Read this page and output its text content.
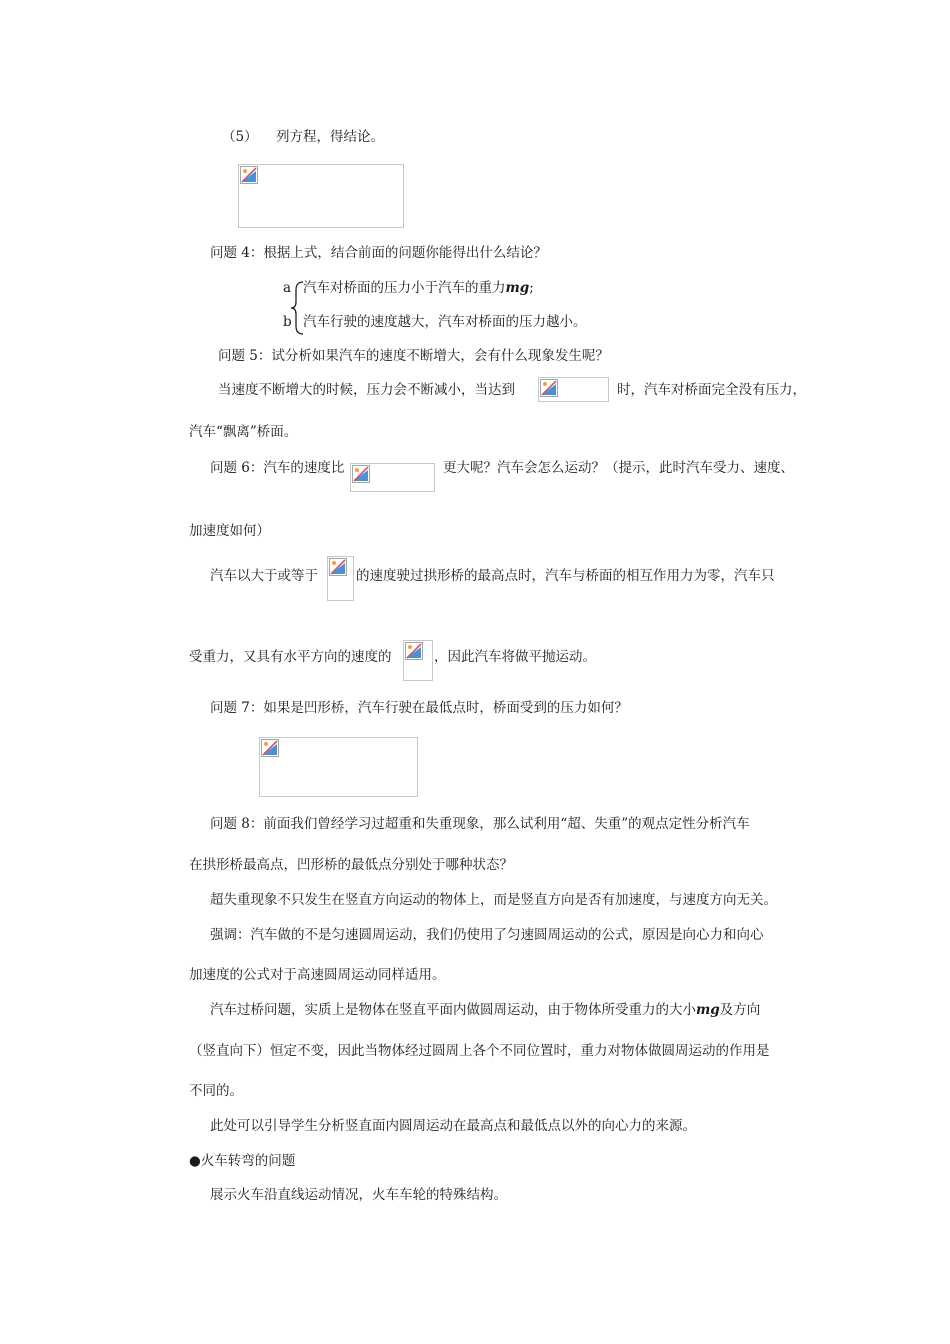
（5） 列方程，得结论。
问题 4：根据上式，结合前面的问题你能得出什么结论？
a 汽车对桥面的压力小于汽车的重力mg;
b 汽车行驶的速度越大，汽车对桥面的压力越小。
问题 5：试分析如果汽车的速度不断增大，会有什么现象发生呢？
当速度不断增大的时候，压力会不断减小，当达到	时，汽车对桥面完全没有压力，
汽车“飘离”桥面。
问题 6：汽车的速度比	更大呢？汽车会怎么运动？（提示，此时汽车受力、速度、
加速度如何）
汽车以大于或等于	的速度驶过拱形桥的最高点时，汽车与桥面的相互作用力为零，汽车只
受重力，又具有水平方向的速度的	，因此汽车将做平抛运动。
问题 7：如果是凹形桥，汽车行驶在最低点时，桥面受到的压力如何？
问题 8：前面我们曾经学习过超重和失重现象，那么试利用“超、失重”的观点定性分析汽车
在拱形桥最高点，凹形桥的最低点分别处于哪种状态？
超失重现象不只发生在竖直方向运动的物体上，而是竖直方向是否有加速度，与速度方向无关。
强调：汽车做的不是匀速圆周运动，我们仍使用了匀速圆周运动的公式，原因是向心力和向心
加速度的公式对于高速圆周运动同样适用。
汽车过桥问题，实质上是物体在竖直平面内做圆周运动，由于物体所受重力的大小mg及方向
（竖直向下）恒定不变，因此当物体经过圆周上各个不同位置时，重力对物体做圆周运动的作用是
不同的。
此处可以引导学生分析竖直面内圆周运动在最高点和最低点以外的向心力的来源。
●火车转弯的问题
展示火车沿直线运动情况，火车车轮的特殊结构。
